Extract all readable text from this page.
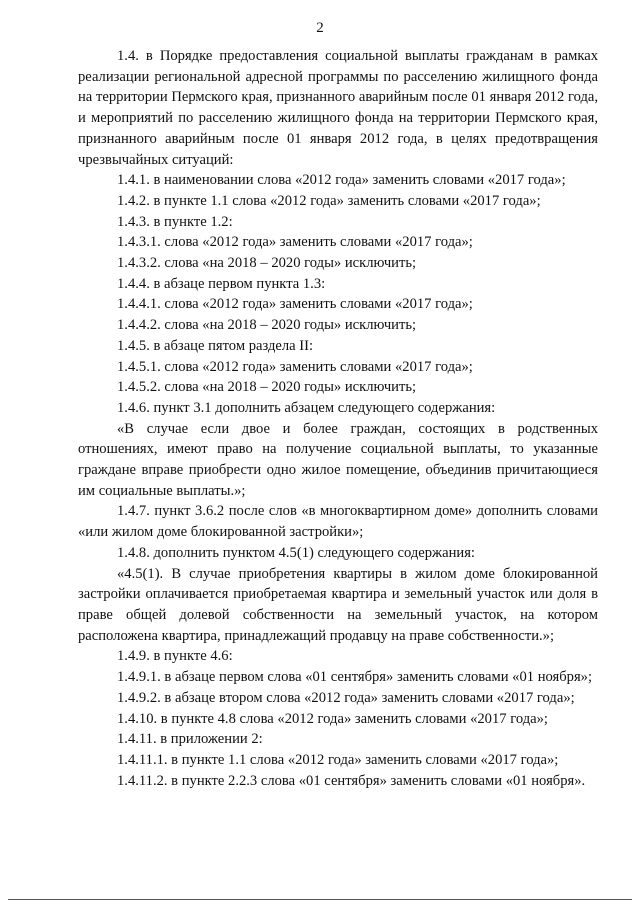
2

1.4. в Порядке предоставления социальной выплаты гражданам в рамках реализации региональной адресной программы по расселению жилищного фонда на территории Пермского края, признанного аварийным после 01 января 2012 года, и мероприятий по расселению жилищного фонда на территории Пермского края, признанного аварийным после 01 января 2012 года, в целях предотвращения чрезвычайных ситуаций:

1.4.1. в наименовании слова «2012 года» заменить словами «2017 года»;

1.4.2. в пункте 1.1 слова «2012 года» заменить словами «2017 года»;

1.4.3. в пункте 1.2:

1.4.3.1. слова «2012 года» заменить словами «2017 года»;

1.4.3.2. слова «на 2018 – 2020 годы» исключить;

1.4.4. в абзаце первом пункта 1.3:

1.4.4.1. слова «2012 года» заменить словами «2017 года»;

1.4.4.2. слова «на 2018 – 2020 годы» исключить;

1.4.5. в абзаце пятом раздела II:

1.4.5.1. слова «2012 года» заменить словами «2017 года»;

1.4.5.2. слова «на 2018 – 2020 годы» исключить;

1.4.6. пункт 3.1 дополнить абзацем следующего содержания:

«В случае если двое и более граждан, состоящих в родственных отношениях, имеют право на получение социальной выплаты, то указанные граждане вправе приобрести одно жилое помещение, объединив причитающиеся им социальные выплаты.»;

1.4.7. пункт 3.6.2 после слов «в многоквартирном доме» дополнить словами «или жилом доме блокированной застройки»;

1.4.8. дополнить пунктом 4.5(1) следующего содержания:

«4.5(1). В случае приобретения квартиры в жилом доме блокированной застройки оплачивается приобретаемая квартира и земельный участок или доля в праве общей долевой собственности на земельный участок, на котором расположена квартира, принадлежащий продавцу на праве собственности.»;

1.4.9. в пункте 4.6:

1.4.9.1. в абзаце первом слова «01 сентября» заменить словами «01 ноября»;

1.4.9.2. в абзаце втором слова «2012 года» заменить словами «2017 года»;

1.4.10. в пункте 4.8 слова «2012 года» заменить словами «2017 года»;

1.4.11. в приложении 2:

1.4.11.1. в пункте 1.1 слова «2012 года» заменить словами «2017 года»;

1.4.11.2. в пункте 2.2.3 слова «01 сентября» заменить словами «01 ноября».
